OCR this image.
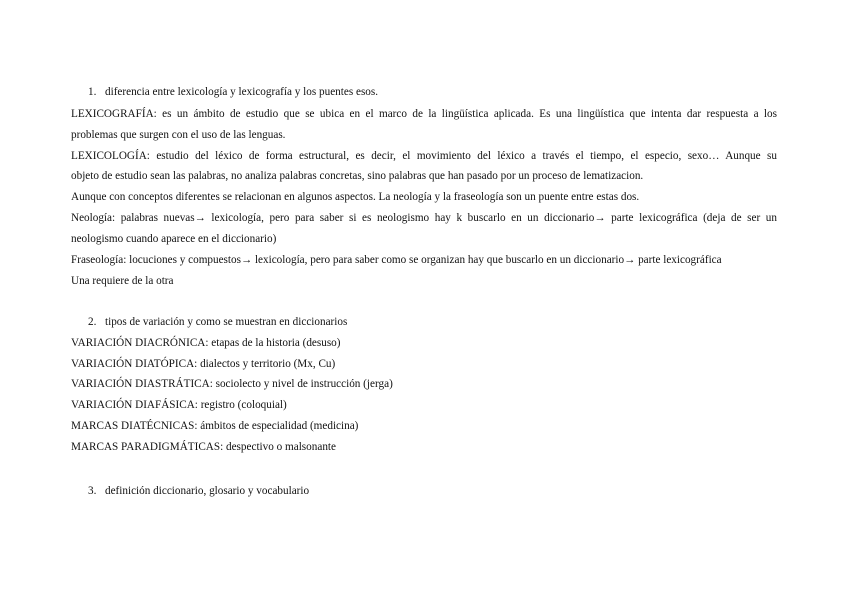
1. diferencia entre lexicología y lexicografía y los puentes esos.
LEXICOGRAFÍA: es un ámbito de estudio que se ubica en el marco de la lingüística aplicada. Es una lingüística que intenta dar respuesta a los
problemas que surgen con el uso de las lenguas.
LEXICOLOGÍA: estudio del léxico de forma estructural, es decir, el movimiento del léxico a través el tiempo, el especio, sexo… Aunque su
objeto de estudio sean las palabras, no analiza palabras concretas, sino palabras que han pasado por un proceso de lematizacion.
Aunque con conceptos diferentes se relacionan en algunos aspectos. La neología y la fraseología son un puente entre estas dos.
Neología: palabras nuevas→ lexicología, pero para saber si es neologismo hay k buscarlo en un diccionario→ parte lexicográfica (deja de ser un
neologismo cuando aparece en el diccionario)
Fraseología: locuciones y compuestos→ lexicología, pero para saber como se organizan hay que buscarlo en un diccionario→ parte lexicográfica
Una requiere de la otra
2. tipos de variación y como se muestran en diccionarios
VARIACIÓN DIACRÓNICA: etapas de la historia (desuso)
VARIACIÓN DIATÓPICA: dialectos y territorio (Mx, Cu)
VARIACIÓN DIASTRÁTICA: sociolecto y nivel de instrucción (jerga)
VARIACIÓN DIAFÁSICA: registro (coloquial)
MARCAS DIATÉCNICAS: ámbitos de especialidad (medicina)
MARCAS PARADIGMÁTICAS: despectivo o malsonante
3. definición diccionario, glosario y vocabulario
